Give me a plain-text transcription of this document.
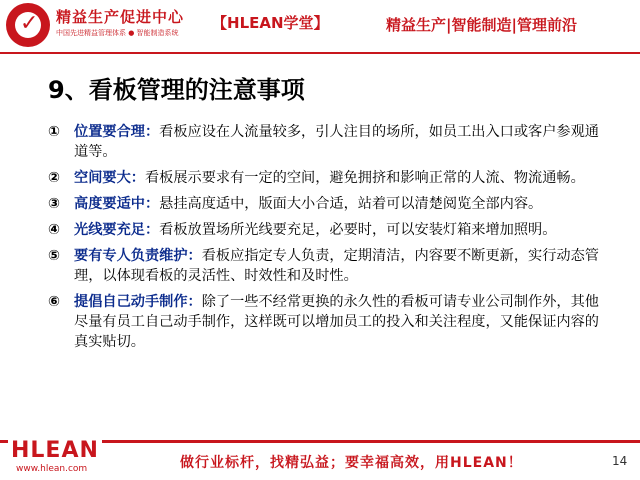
✓ 精益生产促进中心
中国先进精益管理体系 ● 智能制造系统
【HLEAN学堂】	精益生产|智能制造|管理前沿
9、看板管理的注意事项
① 位置要合理：看板应设在人流量较多，引人注目的场所，如员工出入口或客户参观通道等。
② 空间要大：看板展示要求有一定的空间，避免拥挤和影响正常的人流、物流通畅。
③ 高度要适中：悬挂高度适中，版面大小合适，站着可以清楚阅览全部内容。
④ 光线要充足：看板放置场所光线要充足，必要时，可以安装灯箱来增加照明。
⑤ 要有专人负责维护：看板应指定专人负责，定期清洁，内容要不断更新，实行动态管理，以体现看板的灵活性、时效性和及时性。
⑥ 提倡自己动手制作：除了一些不经常更换的永久性的看板可请专业公司制作外，其他尽量有员工自己动手制作，这样既可以增加员工的投入和关注程度，又能保证内容的真实贴切。
HLEAN
www.hlean.com	做行业标杆，找精弘益；要幸福高效，用HLEAN！	14
